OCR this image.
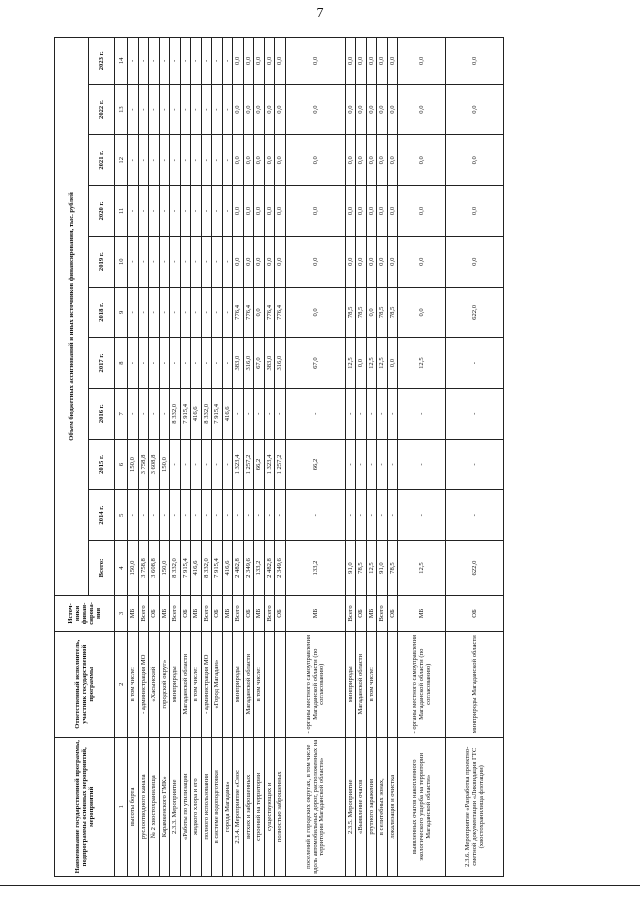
7
Наименование государственной программы, подпрограммы основных мероприятий, мероприятий	Ответственный исполнитель, участник государственной программы	Источ-ники финан-сирова-ния	Объем бюджетных ассигнований и иных источников финансирования, тыс. рублей										
			Всего:	2014 г.	2015 г.	2016 г.	2017 г.	2018 г.	2019 г.	2020 г.	2021 г.	2022 г.	2023 г.
1	2	3	4	5	6	7	8	9	10	11	12	13	14
высоты борта	в том числе:	МБ	150,0	-	150,0	-	-	-	-	-	-	-	-
руслоотводного канала	- администрация МО	Всего	3 758,8	-	3 758,8	-	-	-	-	-	-	-	-
№ 2 хвостохранилища	«Хасынский	ОБ	3 608,8	-	3 608,8	-	-	-	-	-	-	-	-
Карамкенского ГМК»	городской округ»	МБ	150,0	-	150,0	-	-	-	-	-	-	-	-
2.3.3. Мероприятие	минприроды	Всего	8 332,0	-	-	8 332,0	-	-	-	-	-	-	-
«Работы по утилизации	Магаданской области	ОБ	7 915,4	-	-	7 915,4	-	-	-	-	-	-	-
жидкого хлора и его	в том числе:	МБ	416,6	-	-	416,6	-	-	-	-	-	-	-
полного использования	- администрация МО	Всего	8 332,0	-	-	8 332,0	-	-	-	-	-	-	-
в системе водоподготовки	«Город Магадан»	ОБ	7 915,4	-	-	7 915,4	-	-	-	-	-	-	-
города Магадана»		МБ	416,6	-	-	416,6	-	-	-	-	-	-	-
2.3.4. Мероприятие «Снос	минприроды	Всего	2 482,8	-	1 323,4	-	383,0	776,4	0,0	0,0	0,0	0,0	0,0
ветхих и заброшенных	Магаданской области	ОБ	2 349,6	-	1 257,2	-	316,0	776,4	0,0	0,0	0,0	0,0	0,0
строений на территории	в том числе:	МБ	133,2	-	66,2	-	67,0	0,0	0,0	0,0	0,0	0,0	0,0
существующих и		Всего	2 482,8	-	1 323,4	-	383,0	776,4	0,0	0,0	0,0	0,0	0,0
полностью заброшенных		ОБ	2 349,6	-	1 257,2	-	316,0	776,4	0,0	0,0	0,0	0,0	0,0
поселений в городских округах, в том числе вдоль автомобильных дорог, расположенных на территории Магаданской области»	- органы местного самоуправления Магаданской области (по согласованию)	МБ	133,2	-	66,2	-	67,0	0,0	0,0	0,0	0,0	0,0	0,0
2.3.5. Мероприятие	минприроды	Всего	91,0	-	-	-	12,5	78,5	0,0	0,0	0,0	0,0	0,0
«Выявление очагов	Магаданской области	ОБ	78,5	-	-	-	0,0	78,5	0,0	0,0	0,0	0,0	0,0
ртутного заражения	в том числе:	МБ	12,5	-	-	-	12,5	0,0	0,0	0,0	0,0	0,0	0,0
в селитебных зонах,		Всего	91,0	-	-	-	12,5	78,5	0,0	0,0	0,0	0,0	0,0
локализация и очистка		ОБ	78,5	-	-	-	0,0	78,5	0,0	0,0	0,0	0,0	0,0
выявленных очагов накопленного экологического ущерба на территории Магаданской области»	- органы местного самоуправления Магаданской области (по согласованию)	МБ	12,5	-	-	-	12,5	0,0	0,0	0,0	0,0	0,0	0,0
2.3.6. Мероприятие «Разработка проектно-сметной документации «Ликвидация ГТС (хвостохранилища флотации)	минприроды Магаданской области	ОБ	622,0	-	-	-	-	622,0	0,0	0,0	0,0	0,0	0,0
